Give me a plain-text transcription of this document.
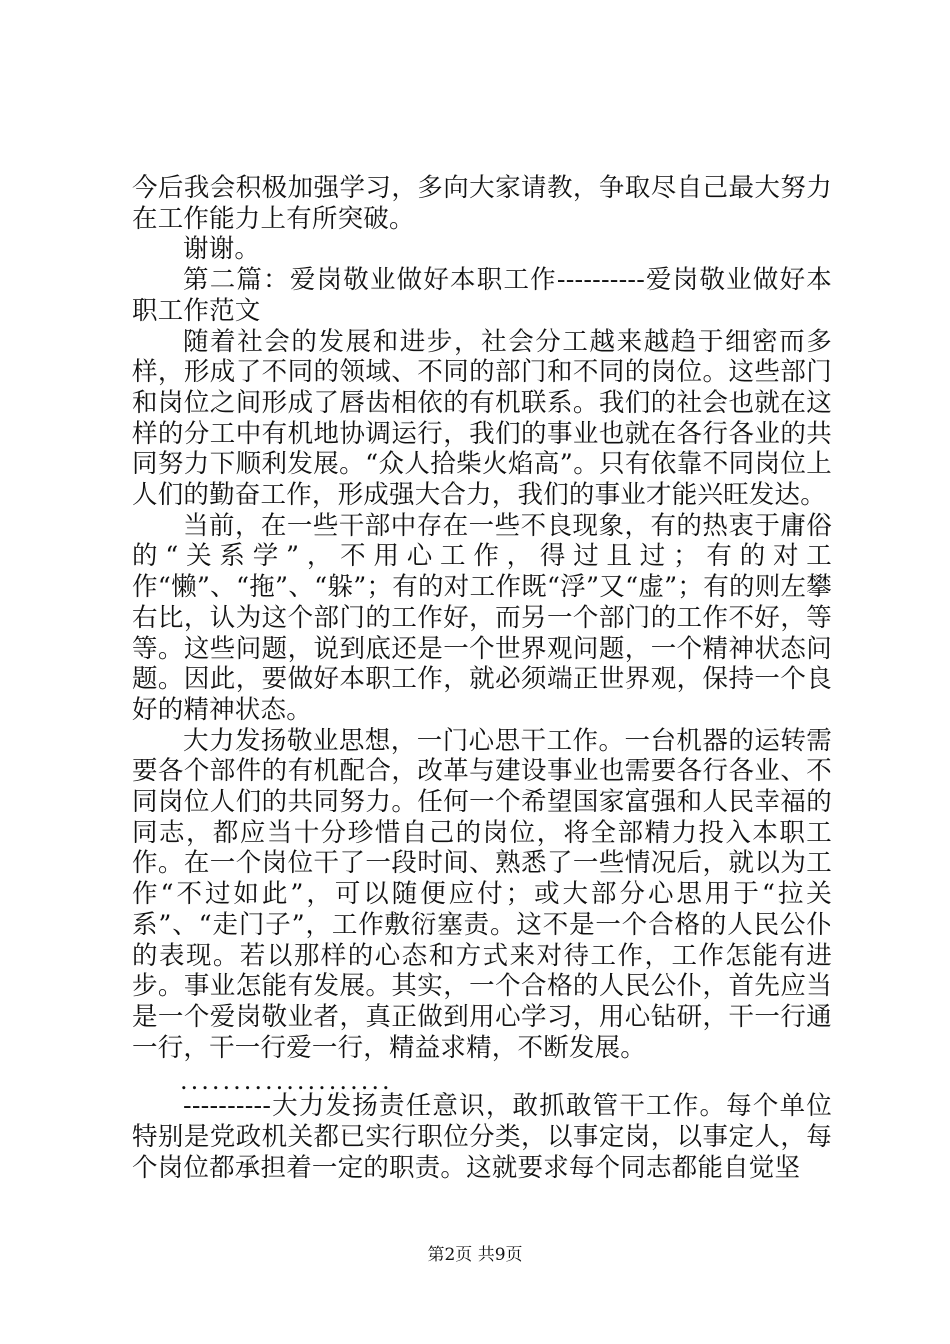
今后我会积极加强学习，多向大家请教，争取尽自己最大努力在工作能力上有所突破。

谢谢。

第二篇：爱岗敬业做好本职工作----------爱岗敬业做好本职工作范文

随着社会的发展和进步，社会分工越来越趋于细密而多样，形成了不同的领域、不同的部门和不同的岗位。这些部门和岗位之间形成了唇齿相依的有机联系。我们的社会也就在这样的分工中有机地协调运行，我们的事业也就在各行各业的共同努力下顺利发展。“众人拾柴火焰高”。只有依靠不同岗位上人们的勤奋工作，形成强大合力，我们的事业才能兴旺发达。

当前，在一些干部中存在一些不良现象，有的热衷于庸俗的“关系学”，不用心工作，得过且过；有的对工作“懒”、“拖”、“躲”；有的对工作既“浮”又“虚”；有的则左攀右比，认为这个部门的工作好，而另一个部门的工作不好，等等。这些问题，说到底还是一个世界观问题，一个精神状态问题。因此，要做好本职工作，就必须端正世界观，保持一个良好的精神状态。

大力发扬敬业思想，一门心思干工作。一台机器的运转需要各个部件的有机配合，改革与建设事业也需要各行各业、不同岗位人们的共同努力。任何一个希望国家富强和人民幸福的同志，都应当十分珍惜自己的岗位，将全部精力投入本职工作。在一个岗位干了一段时间、熟悉了一些情况后，就以为工作“不过如此”，可以随便应付；或大部分心思用于“拉关系”、“走门子”，工作敷衍塞责。这不是一个合格的人民公仆的表现。若以那样的心态和方式来对待工作，工作怎能有进步。事业怎能有发展。其实，一个合格的人民公仆，首先应当是一个爱岗敬业者，真正做到用心学习，用心钻研，干一行通一行，干一行爱一行，精益求精，不断发展。

....................

----------大力发扬责任意识，敢抓敢管干工作。每个单位特别是党政机关都已实行职位分类，以事定岗，以事定人，每个岗位都承担着一定的职责。这就要求每个同志都能自觉坚

第2页 共9页
